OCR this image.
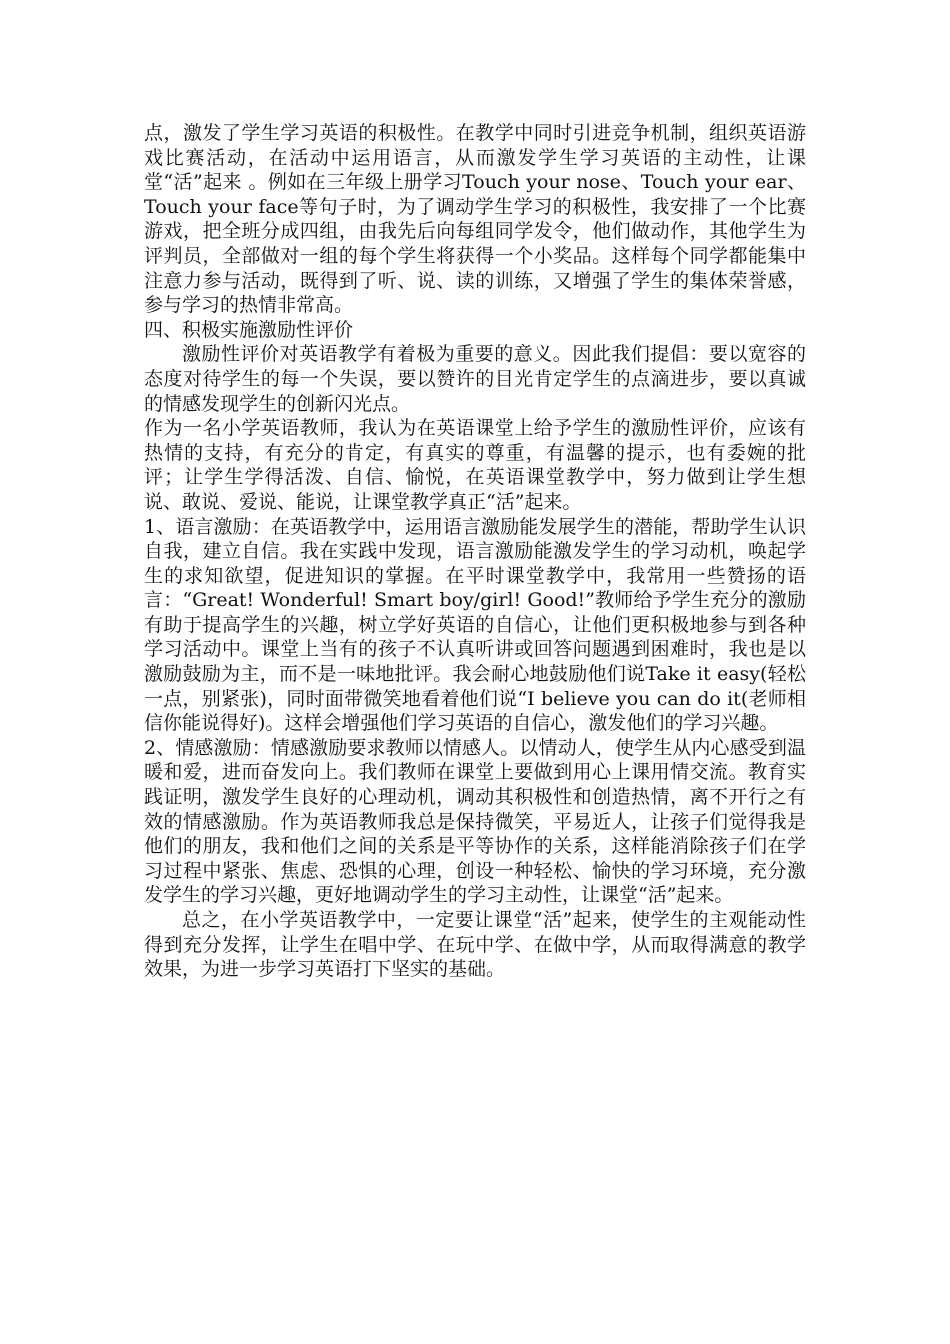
点，激发了学生学习英语的积极性。在教学中同时引进竞争机制，组织英语游戏比赛活动，在活动中运用语言，从而激发学生学习英语的主动性，让课堂“活”起来 。例如在三年级上册学习Touch your nose、Touch your ear、Touch your face等句子时，为了调动学生学习的积极性，我安排了一个比赛游戏，把全班分成四组，由我先后向每组同学发令，他们做动作，其他学生为评判员，全部做对一组的每个学生将获得一个小奖品。这样每个同学都能集中注意力参与活动，既得到了听、说、读的训练，又增强了学生的集体荣誉感，参与学习的热情非常高。

四、积极实施激励性评价

激励性评价对英语教学有着极为重要的意义。因此我们提倡：要以宽容的态度对待学生的每一个失误，要以赞许的目光肯定学生的点滴进步，要以真诚的情感发现学生的创新闪光点。

作为一名小学英语教师，我认为在英语课堂上给予学生的激励性评价，应该有热情的支持，有充分的肯定，有真实的尊重，有温馨的提示，也有委婉的批评；让学生学得活泼、自信、愉悦，在英语课堂教学中，努力做到让学生想说、敢说、爱说、能说，让课堂教学真正“活”起来。

1、语言激励：在英语教学中，运用语言激励能发展学生的潜能，帮助学生认识自我，建立自信。我在实践中发现，语言激励能激发学生的学习动机，唤起学生的求知欲望，促进知识的掌握。在平时课堂教学中，我常用一些赞扬的语言：“Great! Wonderful! Smart boy/girl! Good!”教师给予学生充分的激励有助于提高学生的兴趣，树立学好英语的自信心，让他们更积极地参与到各种学习活动中。课堂上当有的孩子不认真听讲或回答问题遇到困难时，我也是以激励鼓励为主，而不是一味地批评。我会耐心地鼓励他们说Take it easy(轻松一点，别紧张)，同时面带微笑地看着他们说“I believe you can do it(老师相信你能说得好)。这样会增强他们学习英语的自信心，激发他们的学习兴趣。

2、情感激励：情感激励要求教师以情感人。以情动人，使学生从内心感受到温暖和爱，进而奋发向上。我们教师在课堂上要做到用心上课用情交流。教育实践证明，激发学生良好的心理动机，调动其积极性和创造热情，离不开行之有效的情感激励。作为英语教师我总是保持微笑，平易近人，让孩子们觉得我是他们的朋友，我和他们之间的关系是平等协作的关系，这样能消除孩子们在学习过程中紧张、焦虑、恐惧的心理，创设一种轻松、愉快的学习环境，充分激发学生的学习兴趣，更好地调动学生的学习主动性，让课堂“活”起来。

总之，在小学英语教学中，一定要让课堂“活”起来，使学生的主观能动性得到充分发挥，让学生在唱中学、在玩中学、在做中学，从而取得满意的教学效果，为进一步学习英语打下坚实的基础。
